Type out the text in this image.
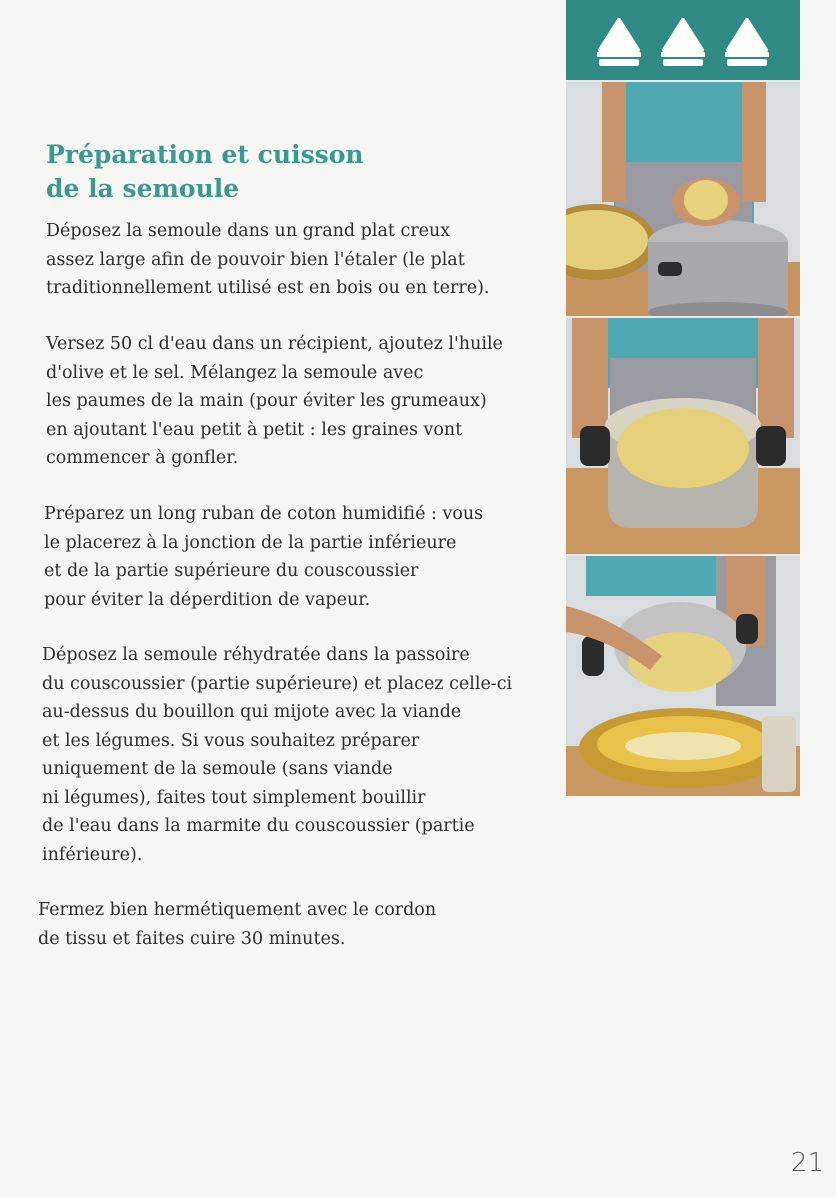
Préparation et cuisson
de la semoule

Déposez la semoule dans un grand plat creux
assez large afin de pouvoir bien l'étaler (le plat
traditionnellement utilisé est en bois ou en terre).

Versez 50 cl d'eau dans un récipient, ajoutez l'huile
d'olive et le sel. Mélangez la semoule avec
les paumes de la main (pour éviter les grumeaux)
en ajoutant l'eau petit à petit : les graines vont
commencer à gonfler.

Préparez un long ruban de coton humidifié : vous
le placerez à la jonction de la partie inférieure
et de la partie supérieure du couscoussier
pour éviter la déperdition de vapeur.

Déposez la semoule réhydratée dans la passoire
du couscoussier (partie supérieure) et placez celle-ci
au-dessus du bouillon qui mijote avec la viande
et les légumes. Si vous souhaitez préparer
uniquement de la semoule (sans viande
ni légumes), faites tout simplement bouillir
de l'eau dans la marmite du couscoussier (partie
inférieure).

Fermez bien hermétiquement avec le cordon
de tissu et faites cuire 30 minutes.

21
